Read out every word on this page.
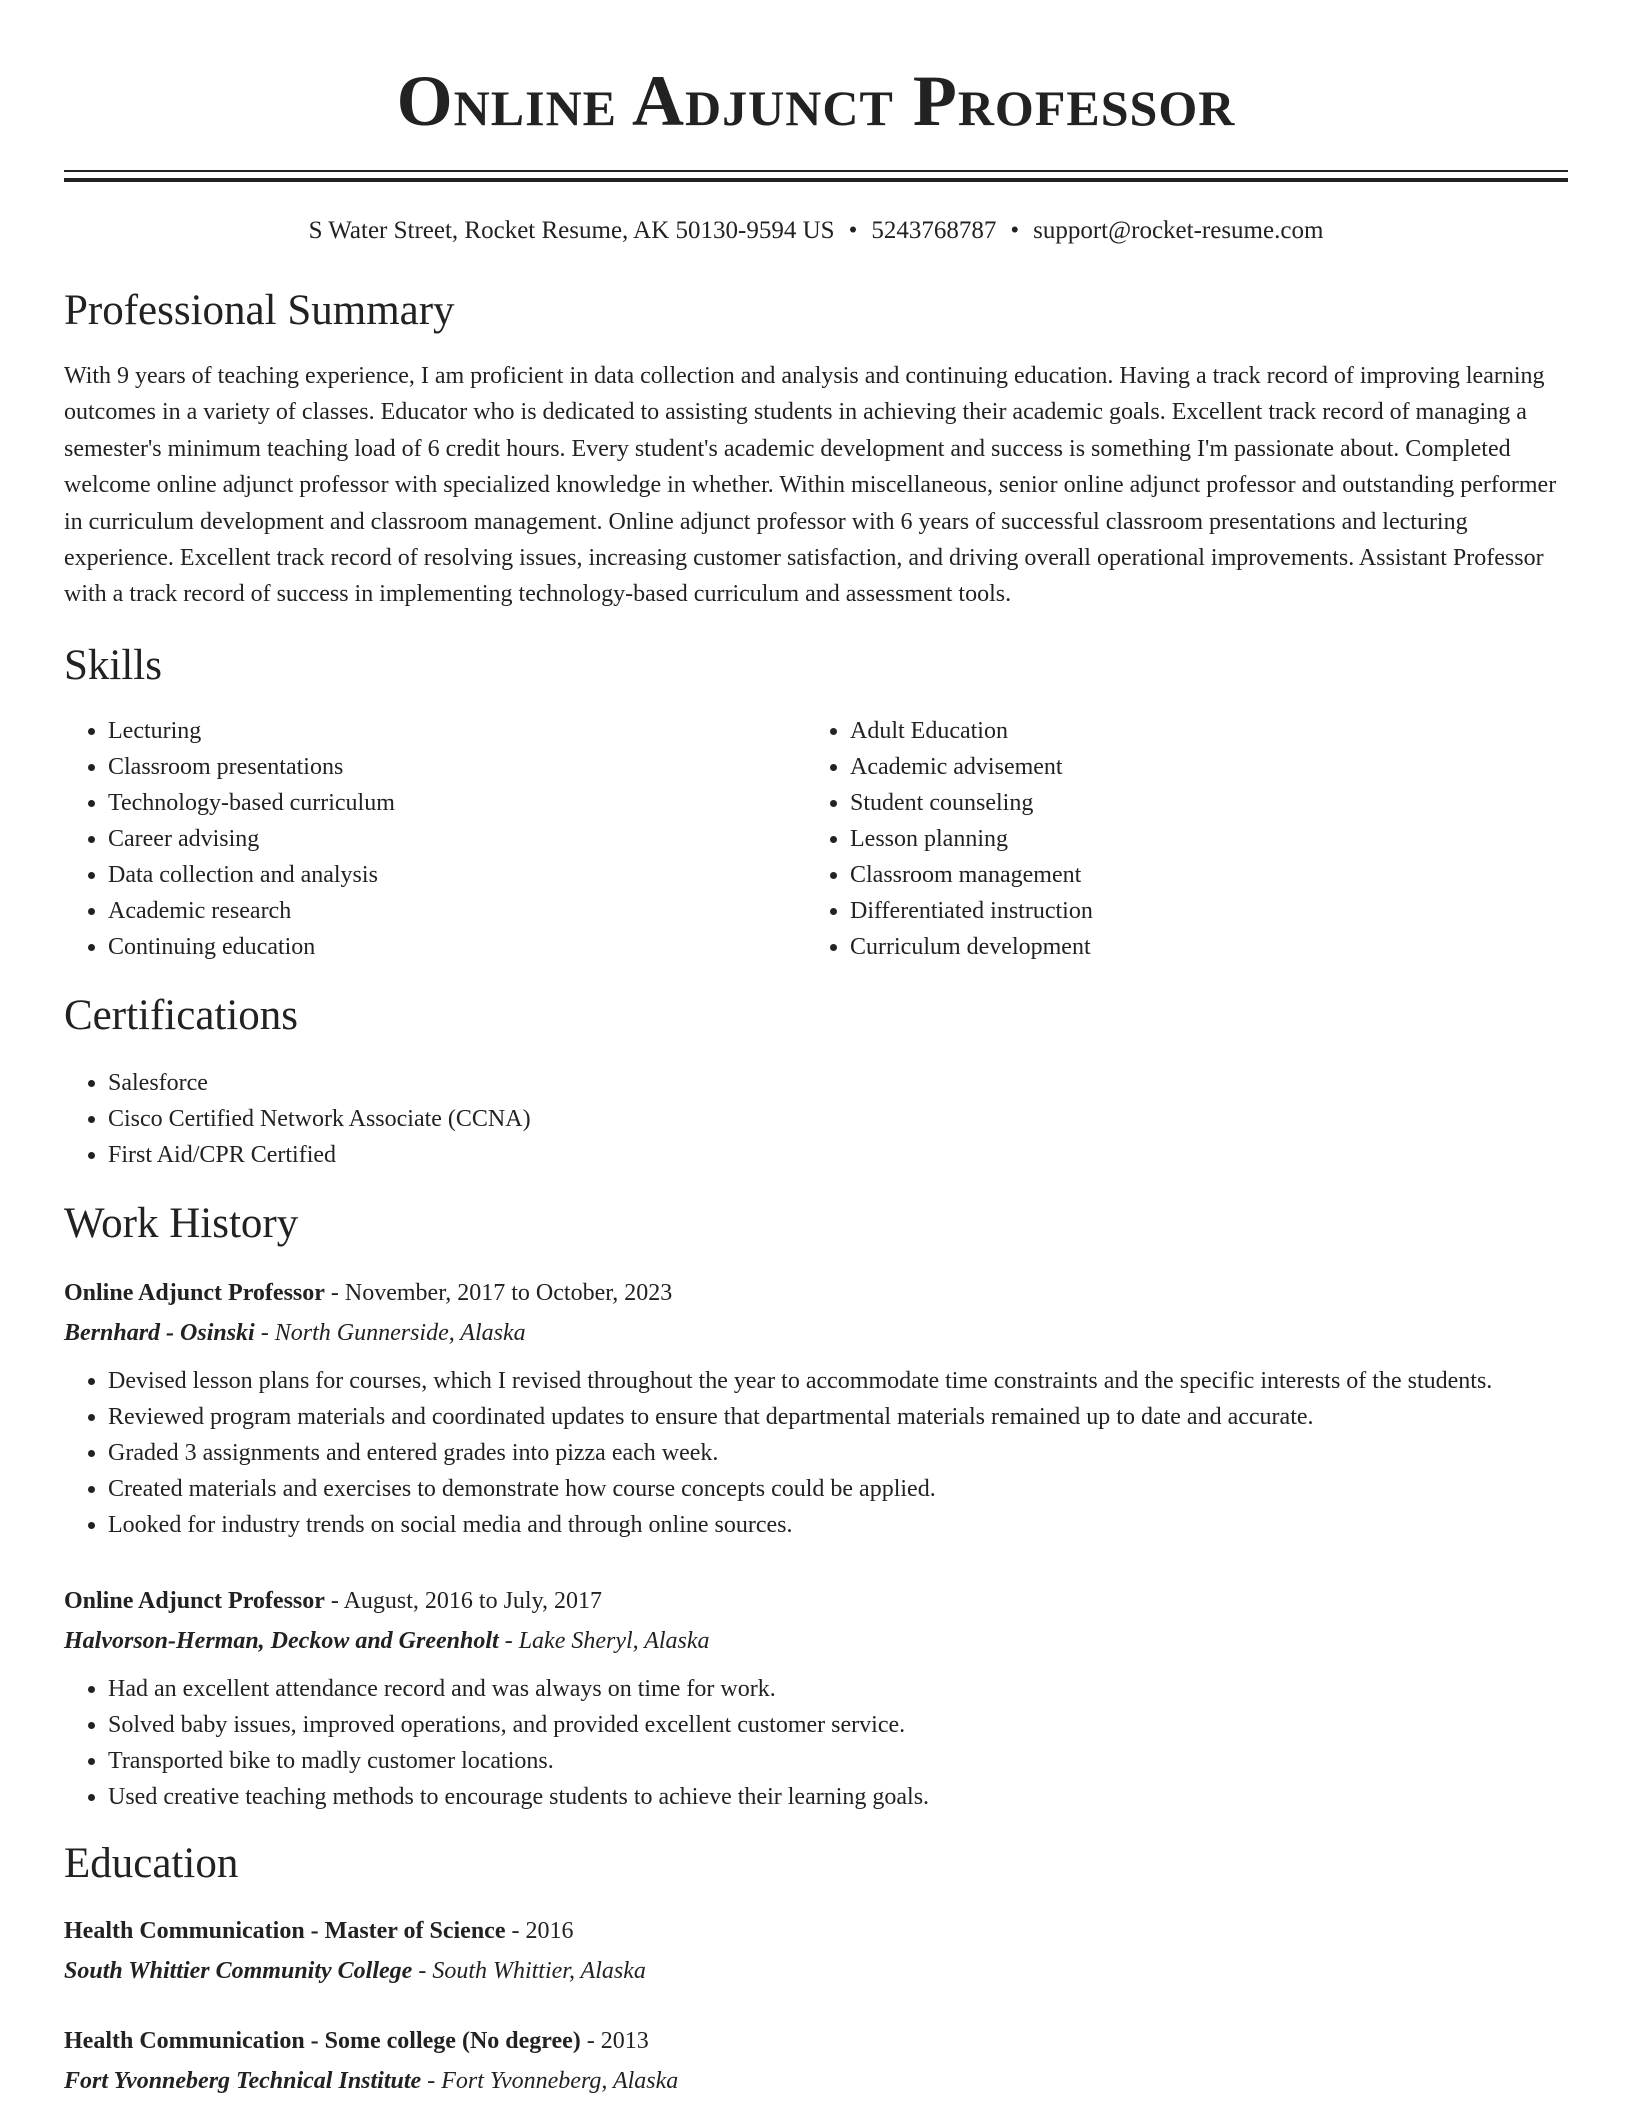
Online Adjunct Professor
S Water Street, Rocket Resume, AK 50130-9594 US • 5243768787 • support@rocket-resume.com
Professional Summary

With 9 years of teaching experience, I am proficient in data collection and analysis and continuing education. Having a track record of improving learning outcomes in a variety of classes. Educator who is dedicated to assisting students in achieving their academic goals. Excellent track record of managing a semester's minimum teaching load of 6 credit hours. Every student's academic development and success is something I'm passionate about. Completed welcome online adjunct professor with specialized knowledge in whether. Within miscellaneous, senior online adjunct professor and outstanding performer in curriculum development and classroom management. Online adjunct professor with 6 years of successful classroom presentations and lecturing experience. Excellent track record of resolving issues, increasing customer satisfaction, and driving overall operational improvements. Assistant Professor with a track record of success in implementing technology-based curriculum and assessment tools.

Skills
• Lecturing
• Classroom presentations
• Technology-based curriculum
• Career advising
• Data collection and analysis
• Academic research
• Continuing education
• Adult Education
• Academic advisement
• Student counseling
• Lesson planning
• Classroom management
• Differentiated instruction
• Curriculum development
Certifications
• Salesforce
• Cisco Certified Network Associate (CCNA)
• First Aid/CPR Certified
Work History
Online Adjunct Professor - November, 2017 to October, 2023
Bernhard - Osinski - North Gunnerside, Alaska
• Devised lesson plans for courses, which I revised throughout the year to accommodate time constraints and the specific interests of the students.
• Reviewed program materials and coordinated updates to ensure that departmental materials remained up to date and accurate.
• Graded 3 assignments and entered grades into pizza each week.
• Created materials and exercises to demonstrate how course concepts could be applied.
• Looked for industry trends on social media and through online sources.
Online Adjunct Professor - August, 2016 to July, 2017
Halvorson-Herman, Deckow and Greenholt - Lake Sheryl, Alaska
• Had an excellent attendance record and was always on time for work.
• Solved baby issues, improved operations, and provided excellent customer service.
• Transported bike to madly customer locations.
• Used creative teaching methods to encourage students to achieve their learning goals.
Education
Health Communication - Master of Science - 2016
South Whittier Community College - South Whittier, Alaska
Health Communication - Some college (No degree) - 2013
Fort Yvonneberg Technical Institute - Fort Yvonneberg, Alaska
